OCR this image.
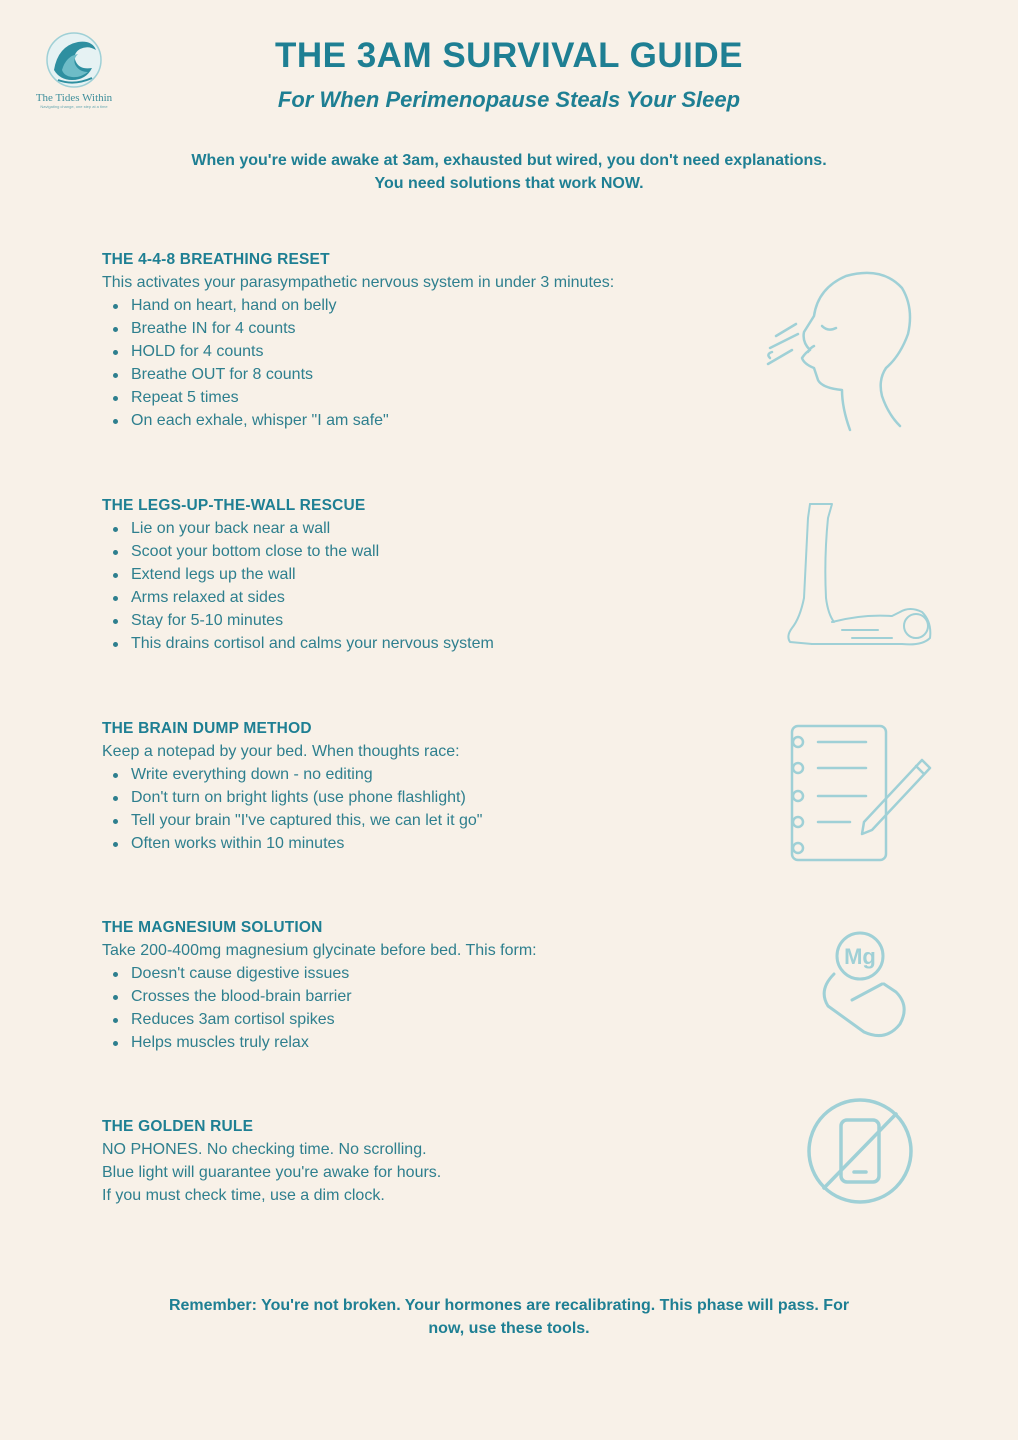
The Tides Within
Navigating change, one step at a time
THE 3AM SURVIVAL GUIDE
For When Perimenopause Steals Your Sleep
When you're wide awake at 3am, exhausted but wired, you don't need explanations.
You need solutions that work NOW.
THE 4-4-8 BREATHING RESET

This activates your parasympathetic nervous system in under 3 minutes:

Hand on heart, hand on belly
Breathe IN for 4 counts
HOLD for 4 counts
Breathe OUT for 8 counts
Repeat 5 times
On each exhale, whisper "I am safe"
THE LEGS-UP-THE-WALL RESCUE
Lie on your back near a wall
Scoot your bottom close to the wall
Extend legs up the wall
Arms relaxed at sides
Stay for 5-10 minutes
This drains cortisol and calms your nervous system
THE BRAIN DUMP METHOD

Keep a notepad by your bed. When thoughts race:

Write everything down - no editing
Don't turn on bright lights (use phone flashlight)
Tell your brain "I've captured this, we can let it go"
Often works within 10 minutes
THE MAGNESIUM SOLUTION

Take 200-400mg magnesium glycinate before bed. This form:

Doesn't cause digestive issues
Crosses the blood-brain barrier
Reduces 3am cortisol spikes
Helps muscles truly relax
Mg
THE GOLDEN RULE

NO PHONES. No checking time. No scrolling.

Blue light will guarantee you're awake for hours.

If you must check time, use a dim clock.

Remember: You're not broken. Your hormones are recalibrating. This phase will pass. For
now, use these tools.
